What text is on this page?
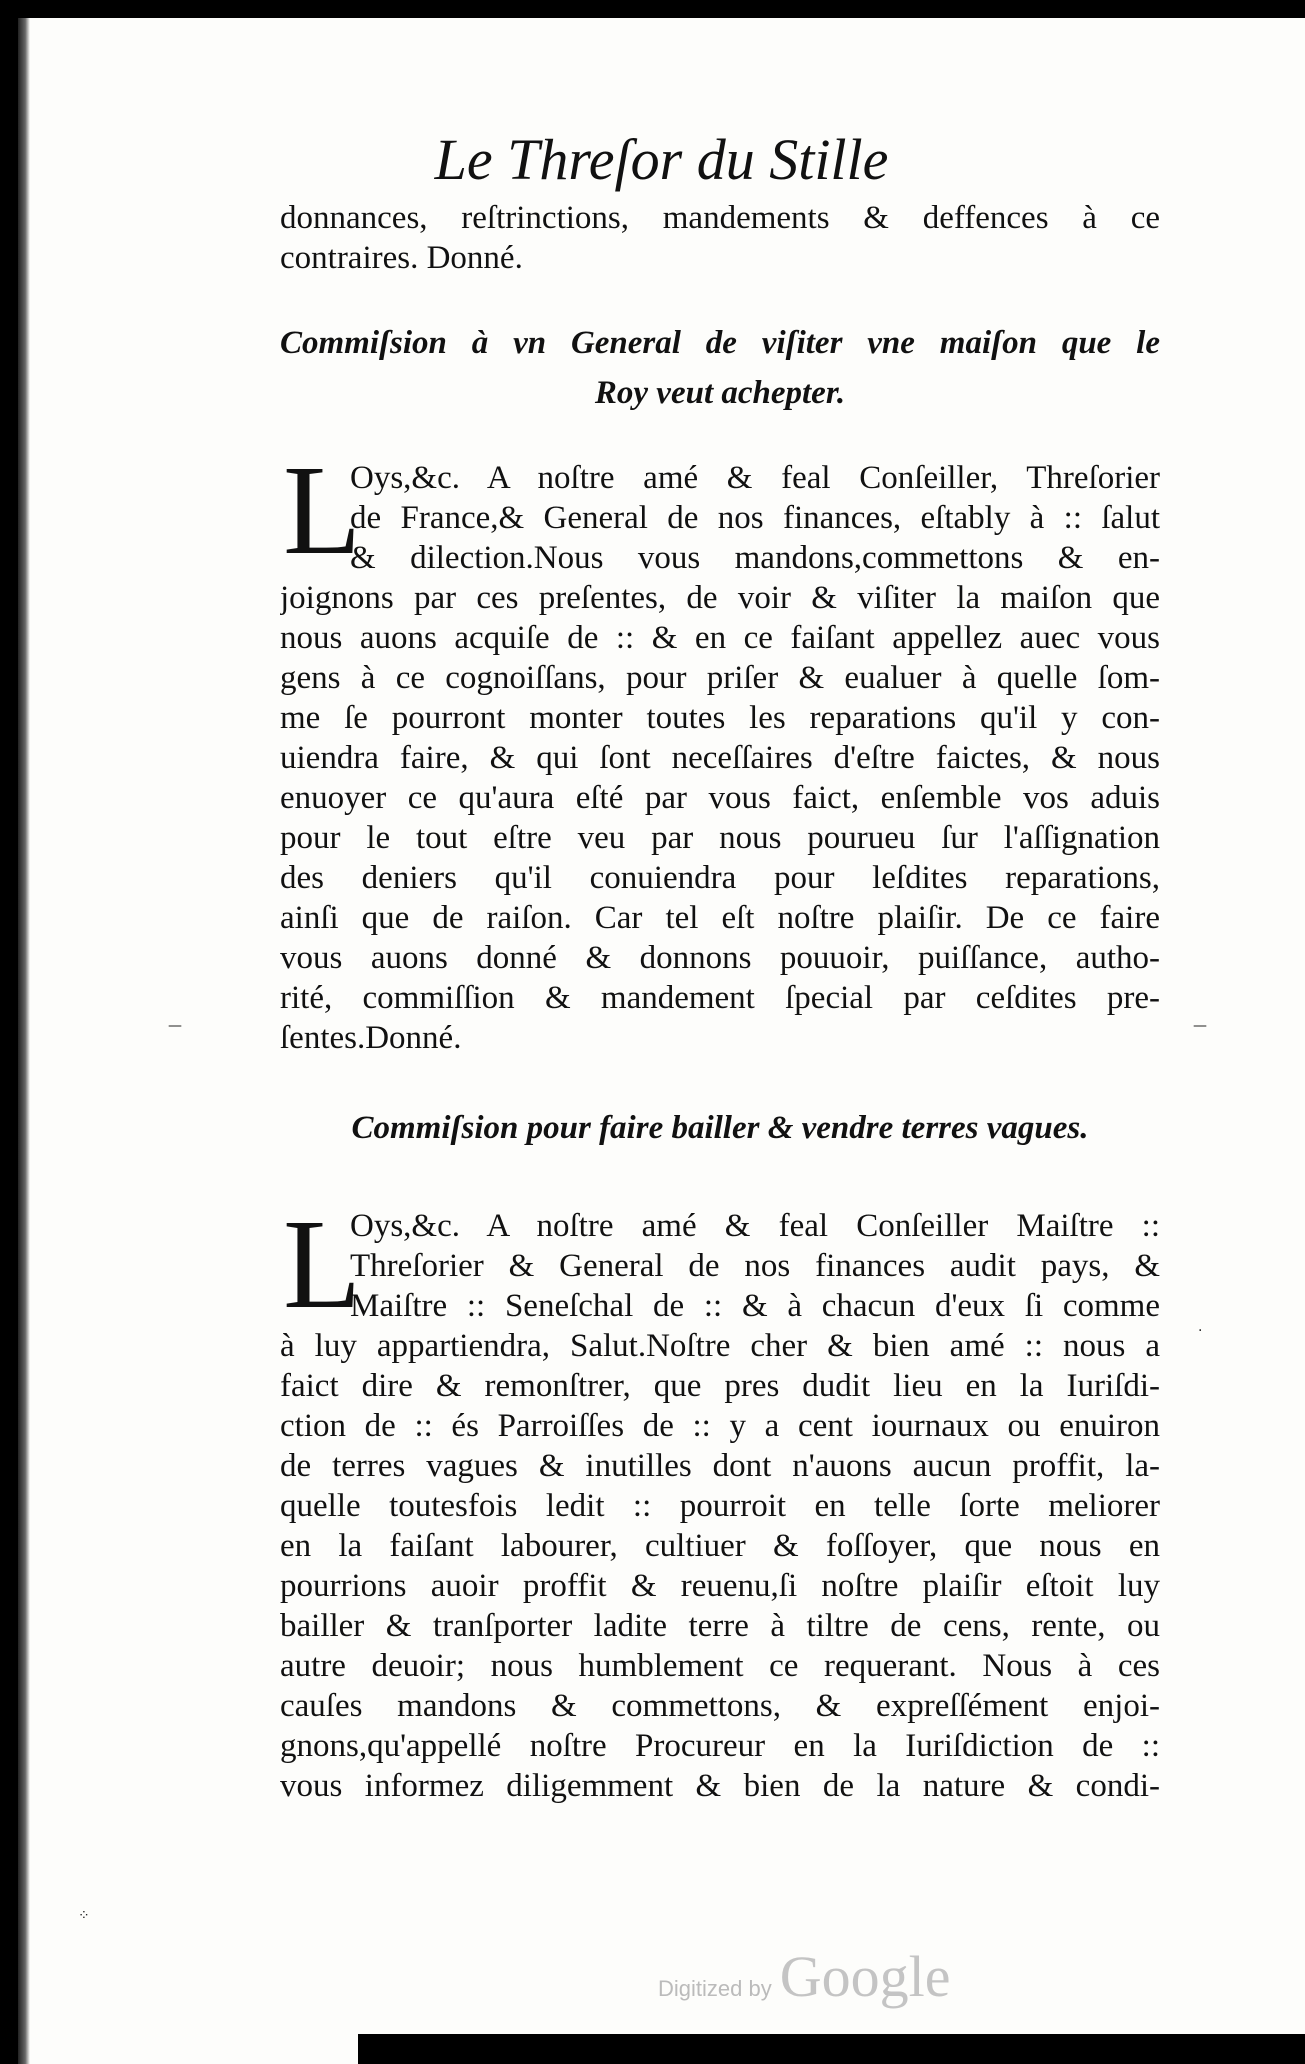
Le Threſor du Stille
donnances, reſtrinctions, mandements & deffences à ce
contraires. Donné.
Commiſsion à vn General de viſiter vne maiſon que le
Roy veut achepter.
L
Oys,&c. A noſtre amé & feal Conſeiller, Threſorier
de France,& General de nos finances, eſtably à :: ſalut
& dilection.Nous vous mandons,commettons & en-
joignons par ces preſentes, de voir & viſiter la maiſon que
nous auons acquiſe de :: & en ce faiſant appellez auec vous
gens à ce cognoiſſans, pour priſer & eualuer à quelle ſom-
me ſe pourront monter toutes les reparations qu'il y con-
uiendra faire, & qui ſont neceſſaires d'eſtre faictes, & nous
enuoyer ce qu'aura eſté par vous faict, enſemble vos aduis
pour le tout eſtre veu par nous pourueu ſur l'aſſignation
des deniers qu'il conuiendra pour leſdites reparations,
ainſi que de raiſon. Car tel eſt noſtre plaiſir. De ce faire
vous auons donné & donnons pouuoir, puiſſance, autho-
rité, commiſſion & mandement ſpecial par ceſdites pre-
ſentes.Donné.
Commiſsion pour faire bailler & vendre terres vagues.
L
Oys,&c. A noſtre amé & feal Conſeiller Maiſtre ::
Threſorier & General de nos finances audit pays, &
Maiſtre :: Seneſchal de :: & à chacun d'eux ſi comme
à luy appartiendra, Salut.Noſtre cher & bien amé :: nous a
faict dire & remonſtrer, que pres dudit lieu en la Iuriſdi-
ction de :: és Parroiſſes de :: y a cent iournaux ou enuiron
de terres vagues & inutilles dont n'auons aucun proffit, la-
quelle toutesfois ledit :: pourroit en telle ſorte meliorer
en la faiſant labourer, cultiuer & foſſoyer, que nous en
pourrions auoir proffit & reuenu,ſi noſtre plaiſir eſtoit luy
bailler & tranſporter ladite terre à tiltre de cens, rente, ou
autre deuoir; nous humblement ce requerant. Nous à ces
cauſes mandons & commettons, & expreſſément enjoi-
gnons,qu'appellé noſtre Procureur en la Iuriſdiction de ::
vous informez diligemment & bien de la nature & condi-
—	—
·
⁘
Digitized by Google
